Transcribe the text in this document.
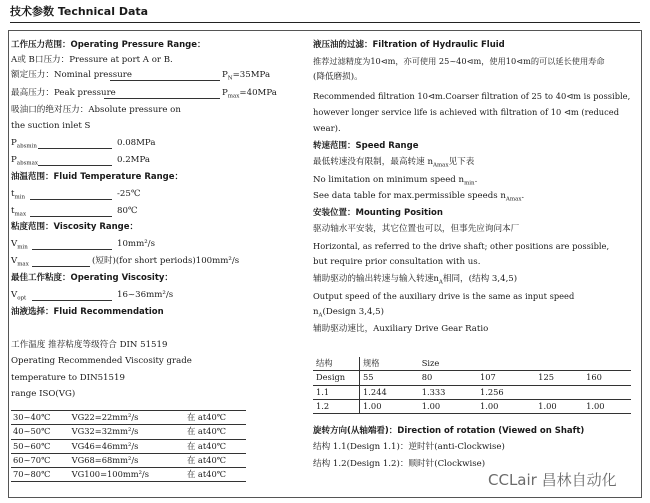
技术参数 Technical Data
工作压力范围：Operating Pressure Range：
A或 B口压力：Pressure at port A or B.
额定压力：Nominal pressure	$P_N=35MPa$
最高压力：Peak pressure	$P_{max}=40MPa$
吸油口的绝对压力：Absolute pressure on
the suction inlet S
$P_{absmin}$	0.08MPa
$P_{absmax}$	0.2MPa
油温范围：Fluid Temperature Range：
$t_{min}$	-25℃
$t_{max}$	80℃
粘度范围：Viscosity Range：
$V_{min}$	10mm²/s
$V_{max}$	(短时)(for short periods)100mm²/s
最佳工作粘度：Operating Viscosity：
$V_{opt}$	16~36mm²/s
油液选择：Fluid Recommendation
工作温度 推荐粘度等级符合 DIN 51519
Operating Recommended Viscosity grade
temperature to DIN51519
range ISO(VG)
30~40℃	VG22=22mm²/s	在 at40℃
40~50℃	VG32=32mm²/s	在 at40℃
50~60℃	VG46=46mm²/s	在 at40℃
60~70℃	VG68=68mm²/s	在 at40℃
70~80℃	VG100=100mm²/s	在 at40℃
液压油的过滤：Filtration of Hydraulic Fluid
推荐过滤精度为10⊲m，亦可使用 25~40⊲m，使用10⊲m的可以延长使用寿命
(降低磨损)。
Recommended filtration 10⊲m.Coarser filtration of 25 to 40⊲m is possible,
however longer service life is achieved with filtration of 10 ⊲m (reduced
wear).
转速范围：Speed Range
最低转速没有限制，最高转速 $n_{Amax}$见下表
No limitation on minimum speed $n_{min}$.
See data table for max.permissible speeds $n_{Amax}$.
安装位置：Mounting Position
驱动轴水平安装，其它位置也可以，但事先应询问本厂
Horizontal, as referred to the drive shaft; other positions are possible,
but require prior consultation with us.
辅助驱动的输出转速与输入转速$n_A$相同，(结构 3,4,5)
Output speed of the auxiliary drive is the same as input speed
$n_A(Design$ 3,4,5)
辅助驱动速比，Auxiliary Drive Gear Ratio
结构	规格	Size			
Design	55	80	107	125	160
1.1	1.244	1.333	1.256		
1.2	1.00	1.00	1.00	1.00	1.00
旋转方向(从轴端看)：Direction of rotation (Viewed on Shaft)
结构 1.1(Design 1.1)：逆时针(anti-Clockwise)
结构 1.2(Design 1.2)：顺时针(Clockwise)
CCLair 昌林自动化
